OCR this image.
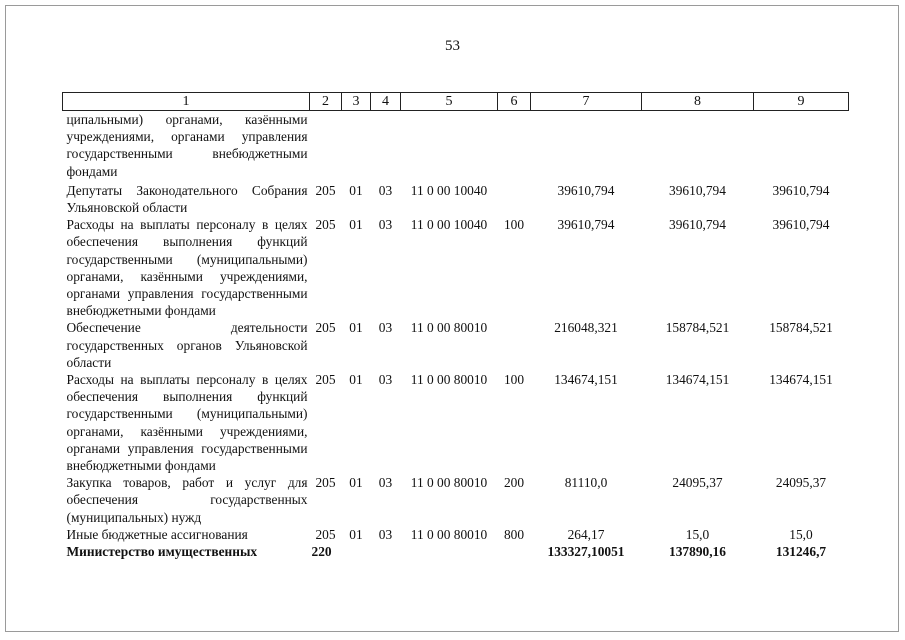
53
1	2	3	4	5	6	7	8	9
ципальными) органами, казёнными учреждениями, органами управления государственными внебюджетными фондами								
Депутаты Законодательного Собрания Ульяновской области	205	01	03	11 0 00 10040		39610,794	39610,794	39610,794
Расходы на выплаты персоналу в целях обеспечения выполнения функций государственными (муниципальными) органами, казёнными учреждениями, органами управления государственными внебюджетными фондами	205	01	03	11 0 00 10040	100	39610,794	39610,794	39610,794
Обеспечение деятельности государственных органов Ульяновской области	205	01	03	11 0 00 80010		216048,321	158784,521	158784,521
Расходы на выплаты персоналу в целях обеспечения выполнения функций государственными (муниципальными) органами, казёнными учреждениями, органами управления государственными внебюджетными фондами	205	01	03	11 0 00 80010	100	134674,151	134674,151	134674,151
Закупка товаров, работ и услуг для обеспечения государственных (муниципальных) нужд	205	01	03	11 0 00 80010	200	81110,0	24095,37	24095,37
Иные бюджетные ассигнования	205	01	03	11 0 00 80010	800	264,17	15,0	15,0
Министерство имущественных	220					133327,10051	137890,16	131246,7
